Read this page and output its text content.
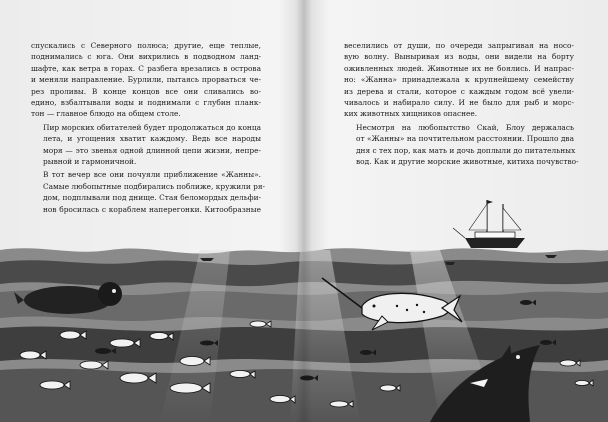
спускались с Северного полюса; другие, еще теплые,
поднимались с юга. Они вихрились в подводном ланд-
шафте, как ветра в горах. С разбега врезались в острова
и меняли направление. Бурлили, пытаясь прорваться че-
рез проливы. В конце концов все они сливались во-
едино, взбалтывали воды и поднимали с глубин планк-
тон — главное блюдо на общем столе.
Пир морских обитателей будет продолжаться до конца
лета, и угощения хватит каждому. Ведь все народы
моря — это звенья одной длинной цепи жизни, непре-
рывной и гармоничной.
В тот вечер все они почуяли приближение «Жанны».
Самые любопытные подбирались поближе, кружили ря-
дом, подплывали под днище. Стая беломордых дельфи-
нов бросилась с кораблем наперегонки. Китообразные
веселились от души, по очереди запрыгивая на носо-
вую волну. Выныривая из воды, они видели на борту
оживленных людей. Животные их не боялись. И напрас-
но: «Жанна» принадлежала к крупнейшему семейству
из дерева и стали, которое с каждым годом всё увели-
чивалось и набирало силу. И не было для рыб и морс-
ких животных хищников опаснее.
Несмотря на любопытство Скай, Блоу держалась
от «Жанны» на почтительном расстоянии. Прошло два
дня с тех пор, как мать и дочь доплыли до питательных
вод. Как и другие морские животные, китиха почувство-
